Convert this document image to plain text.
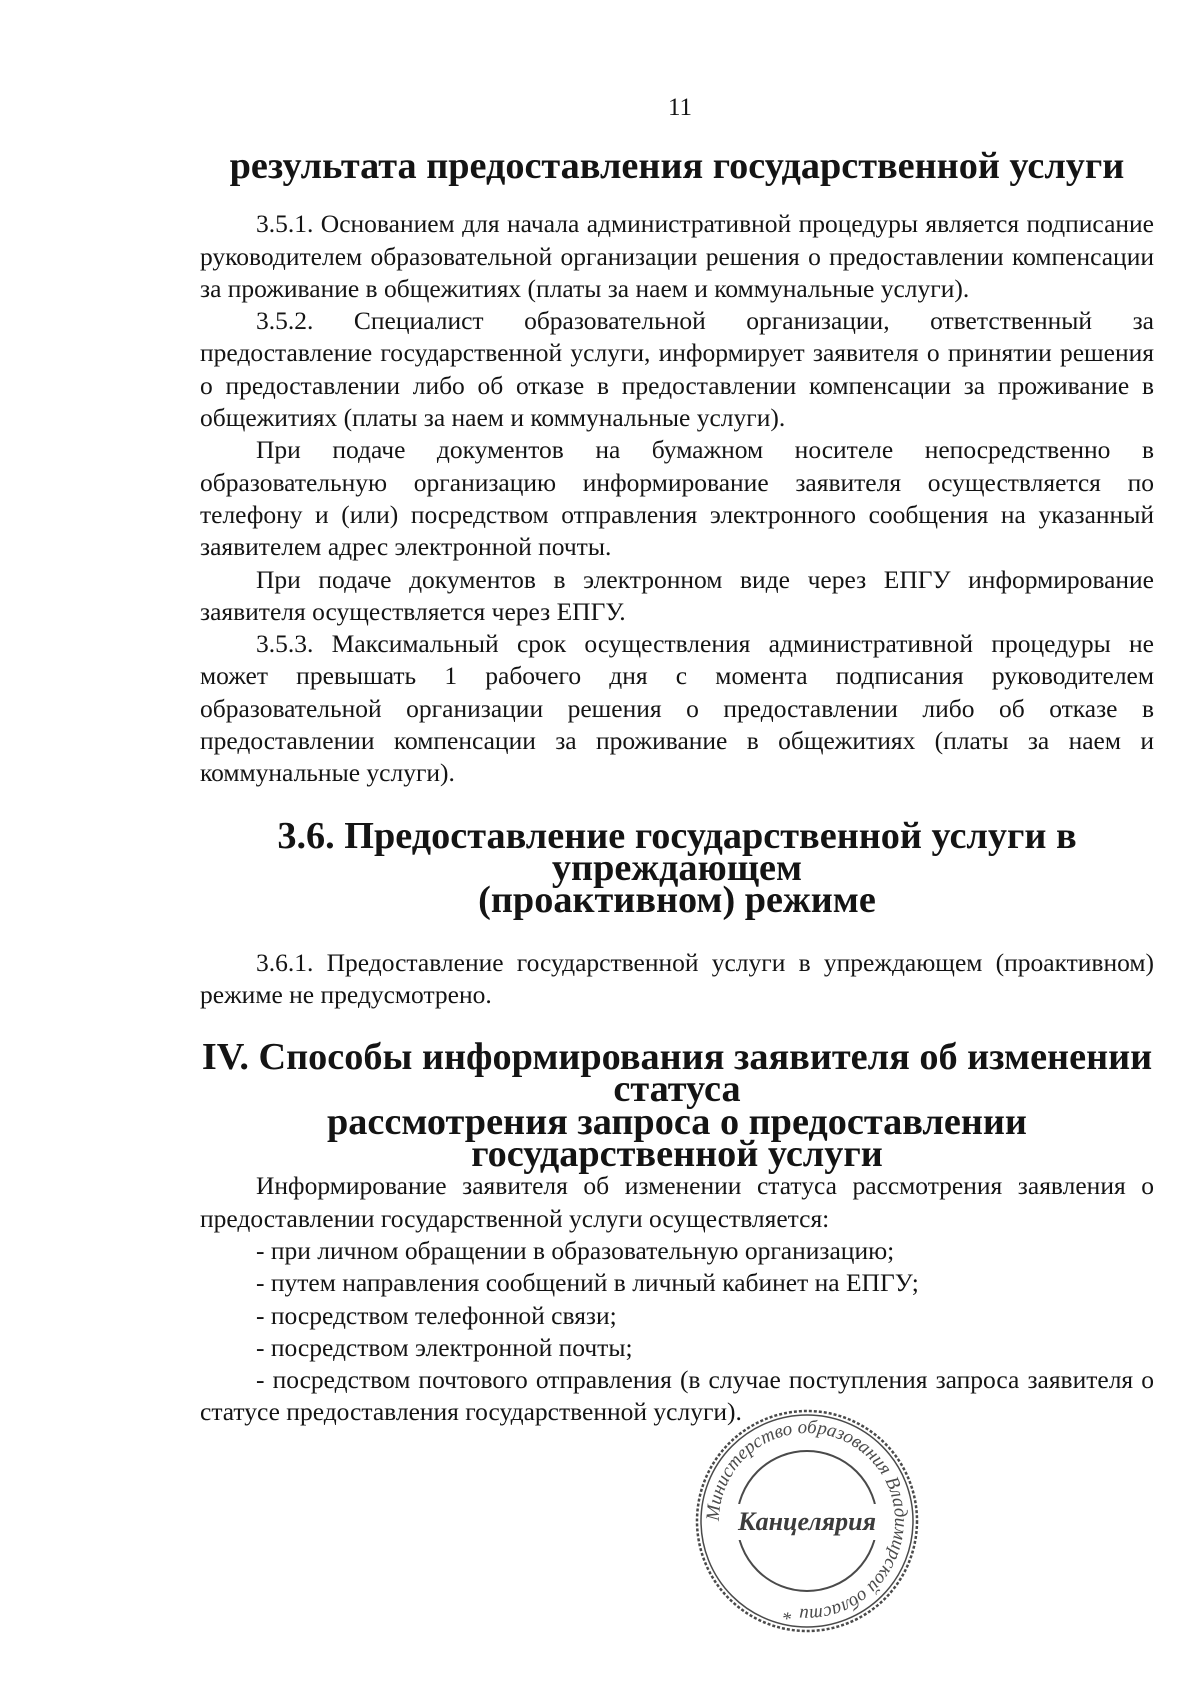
11
результата предоставления государственной услуги

3.5.1. Основанием для начала административной процедуры является подписание руководителем образовательной организации решения о предоставлении компенсации за проживание в общежитиях (платы за наем и коммунальные услуги).

3.5.2. Специалист образовательной организации, ответственный за предоставление государственной услуги, информирует заявителя о принятии решения о предоставлении либо об отказе в предоставлении компенсации за проживание в общежитиях (платы за наем и коммунальные услуги).

При подаче документов на бумажном носителе непосредственно в образовательную организацию информирование заявителя осуществляется по телефону и (или) посредством отправления электронного сообщения на указанный заявителем адрес электронной почты.

При подаче документов в электронном виде через ЕПГУ информирование заявителя осуществляется через ЕПГУ.

3.5.3. Максимальный срок осуществления административной процедуры не может превышать 1 рабочего дня с момента подписания руководителем образовательной организации решения о предоставлении либо об отказе в предоставлении компенсации за проживание в общежитиях (платы за наем и коммунальные услуги).

3.6. Предоставление государственной услуги в упреждающем
(проактивном) режиме

3.6.1. Предоставление государственной услуги в упреждающем (проактивном) режиме не предусмотрено.

IV. Способы информирования заявителя об изменении статуса
рассмотрения запроса о предоставлении государственной услуги

Информирование заявителя об изменении статуса рассмотрения заявления о предоставлении государственной услуги осуществляется:

- при личном обращении в образовательную организацию;

- путем направления сообщений в личный кабинет на ЕПГУ;

- посредством телефонной связи;

- посредством электронной почты;

- посредством почтового отправления (в случае поступления запроса заявителя о статусе предоставления государственной услуги).

Министерство образования Владимирской области *
Канцелярия
